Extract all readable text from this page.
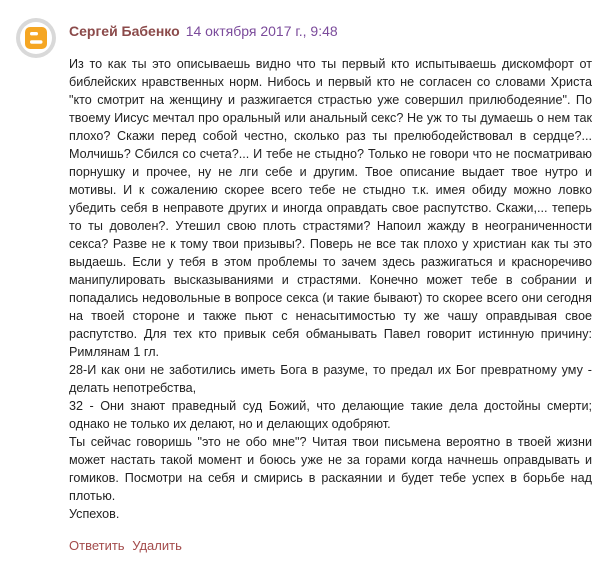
Сергей Бабенко 14 октября 2017 г., 9:48

Из то как ты это описываешь видно что ты первый кто испытываешь дискомфорт от библейских нравственных норм. Нибось и первый кто не согласен со словами Христа "кто смотрит на женщину и разжигается страстью уже совершил прилюбодеяние". По твоему Иисус мечтал про оральный или анальный секс? Не уж то ты думаешь о нем так плохо? Скажи перед собой честно, сколько раз ты прелюбодействовал в сердце?... Молчишь? Сбился со счета?... И тебе не стыдно? Только не говори что не посматриваю порнушку и прочее, ну не лги себе и другим. Твое описание выдает твое нутро и мотивы. И к сожалению скорее всего тебе не стыдно т.к. имея обиду можно ловко убедить себя в неправоте других и иногда оправдать свое распутство. Скажи,... теперь то ты доволен?. Утешил свою плоть страстями? Напоил жажду в неограниченности секса? Разве не к тому твои призывы?. Поверь не все так плохо у христиан как ты это выдаешь. Если у тебя в этом проблемы то зачем здесь разжигаться и красноречиво манипулировать высказываниями и страстями. Конечно может тебе в собрании и попадались недовольные в вопросе секса (и такие бывают) то скорее всего они сегодня на твоей стороне и также пьют с ненасытимостью ту же чашу оправдывая свое распутство. Для тех кто привык себя обманывать Павел говорит истинную причину: Римлянам 1 гл.

28-И как они не заботились иметь Бога в разуме, то предал их Бог превратному уму - делать непотребства,

32 - Они знают праведный суд Божий, что делающие такие дела достойны смерти; однако не только их делают, но и делающих одобряют.

Ты сейчас говоришь "это не обо мне"? Читая твои письмена вероятно в твоей жизни может настать такой момент и боюсь уже не за горами когда начнешь оправдывать и гомиков. Посмотри на себя и смирись в раскаянии и будет тебе успех в борьбе над плотью.

Успехов.

Ответить Удалить
